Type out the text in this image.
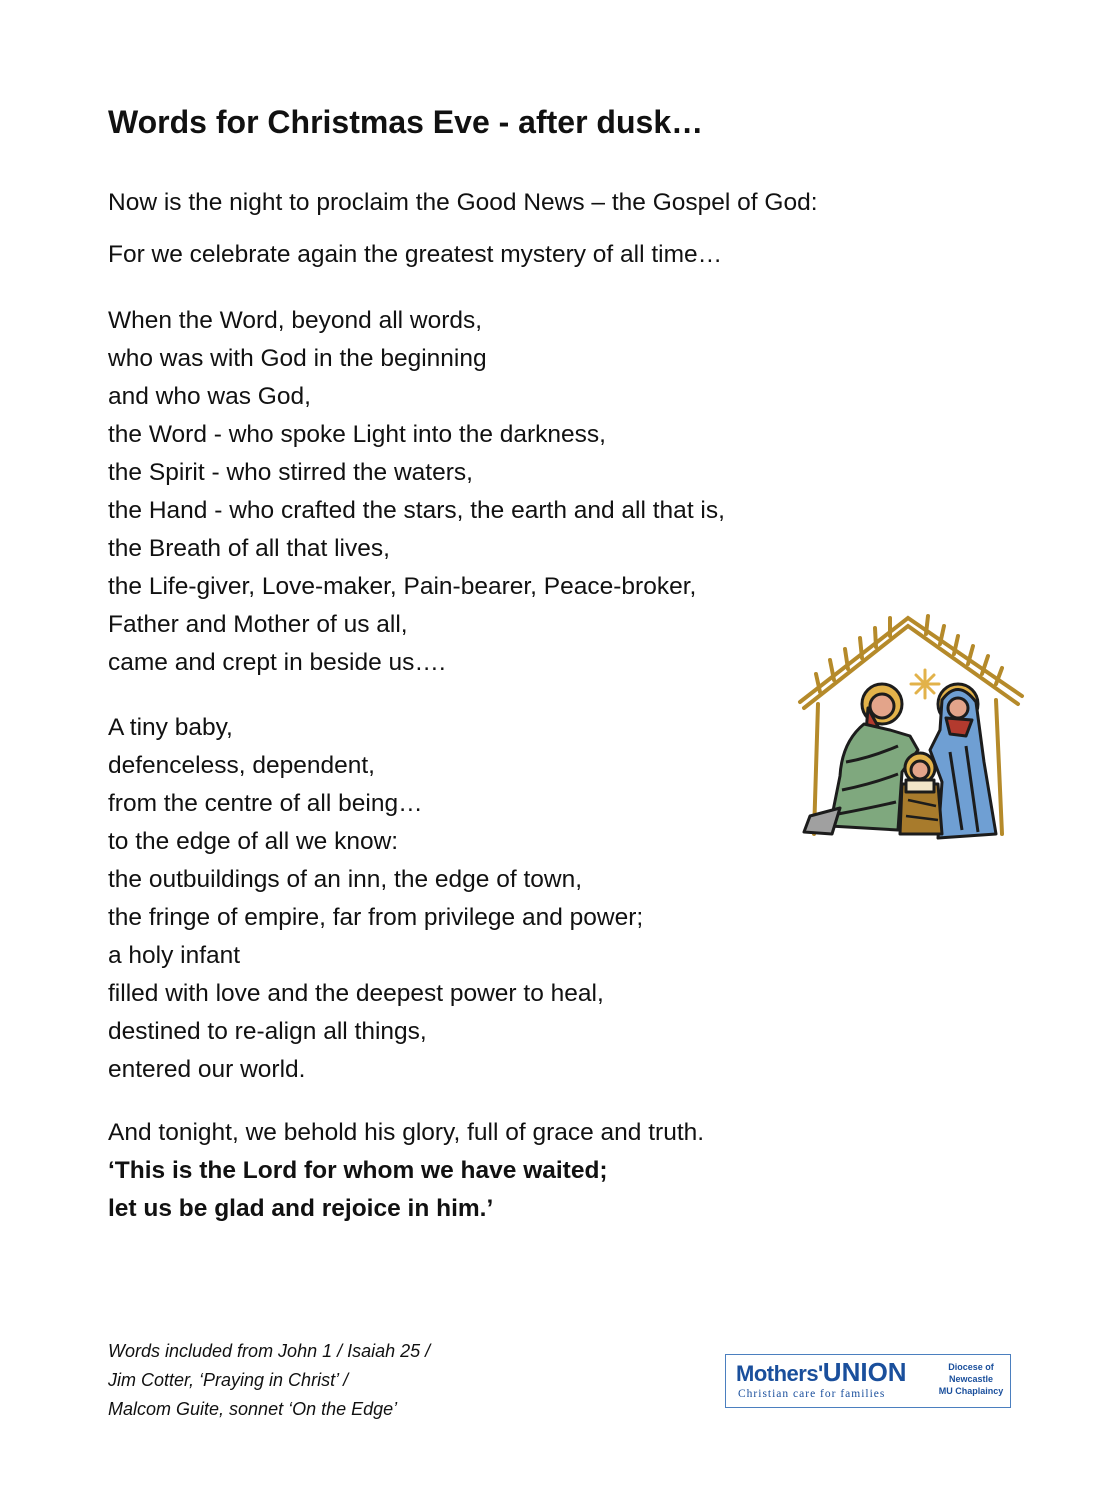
Words for Christmas Eve - after dusk…
Now is the night to proclaim the Good News – the Gospel of God:
For we celebrate again the greatest mystery of all time…
When the Word, beyond all words,
who was with God in the beginning
and who was God,
the Word - who spoke Light into the darkness,
the Spirit - who stirred the waters,
the Hand - who crafted the stars, the earth and all that is,
the Breath of all that lives,
the Life-giver, Love-maker, Pain-bearer, Peace-broker,
Father and Mother of us all,
came and crept in beside us….
A tiny baby,
defenceless, dependent,
from the centre of all being…
to the edge of all we know:
the outbuildings of an inn, the edge of town,
the fringe of empire, far from privilege and power;
a holy infant
filled with love and the deepest power to heal,
destined to re-align all things,
entered our world.
And tonight, we behold his glory, full of grace and truth.
‘This is the Lord for whom we have waited;
let us be glad and rejoice in him.’
Words included from John 1 / Isaiah 25 /
Jim Cotter, ‘Praying in Christ’ /
Malcom Guite, sonnet ‘On the Edge’
Mothers'UNION
Christian care for families
Diocese of
Newcastle
MU Chaplaincy
